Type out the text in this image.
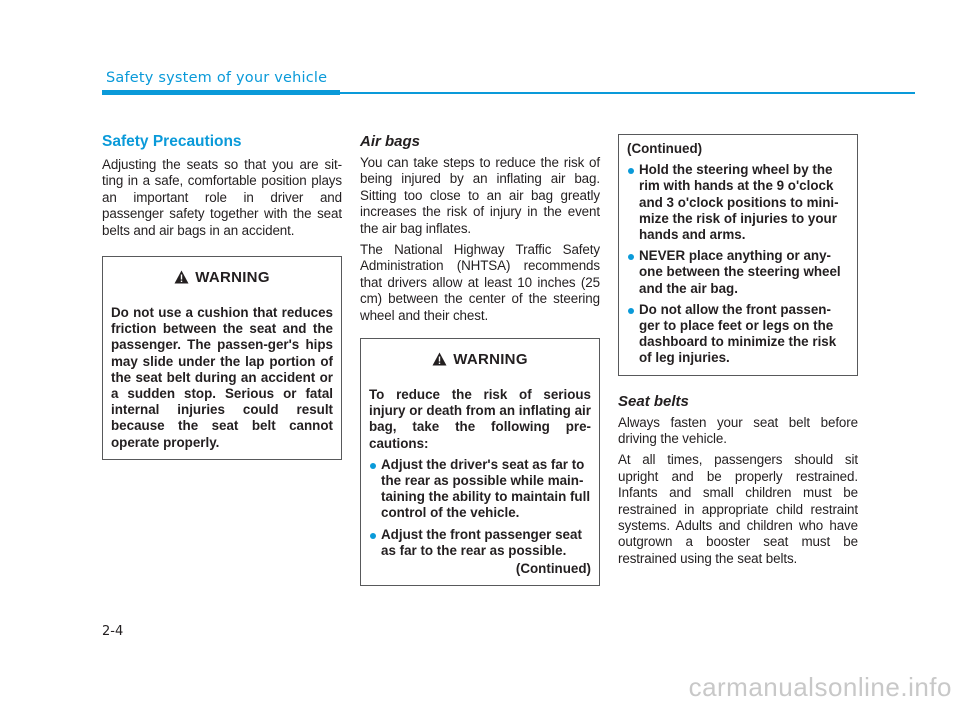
Safety system of your vehicle
Safety Precautions

Adjusting the seats so that you are sit-ting in a safe, comfortable position plays an important role in driver and passenger safety together with the seat belts and air bags in an accident.

WARNING

Do not use a cushion that reduces friction between the seat and the passenger. The passen-ger's hips may slide under the lap portion of the seat belt during an accident or a sudden stop. Serious or fatal internal injuries could result because the seat belt cannot operate properly.

Air bags

You can take steps to reduce the risk of being injured by an inflating air bag. Sitting too close to an air bag greatly increases the risk of injury in the event the air bag inflates.

The National Highway Traffic Safety Administration (NHTSA) recommends that drivers allow at least 10 inches (25 cm) between the center of the steering wheel and their chest.

WARNING

To reduce the risk of serious injury or death from an inflating air bag, take the following pre-cautions:

Adjust the driver's seat as far to the rear as possible while main-taining the ability to maintain full control of the vehicle.
Adjust the front passenger seat as far to the rear as possible.
(Continued)

(Continued)

Hold the steering wheel by the rim with hands at the 9 o'clock and 3 o'clock positions to mini-mize the risk of injuries to your hands and arms.
NEVER place anything or any-one between the steering wheel and the air bag.
Do not allow the front passen-ger to place feet or legs on the dashboard to minimize the risk of leg injuries.
Seat belts

Always fasten your seat belt before driving the vehicle.

At all times, passengers should sit upright and be properly restrained. Infants and small children must be restrained in appropriate child restraint systems. Adults and children who have outgrown a booster seat must be restrained using the seat belts.

2-4
carmanualsonline.info
